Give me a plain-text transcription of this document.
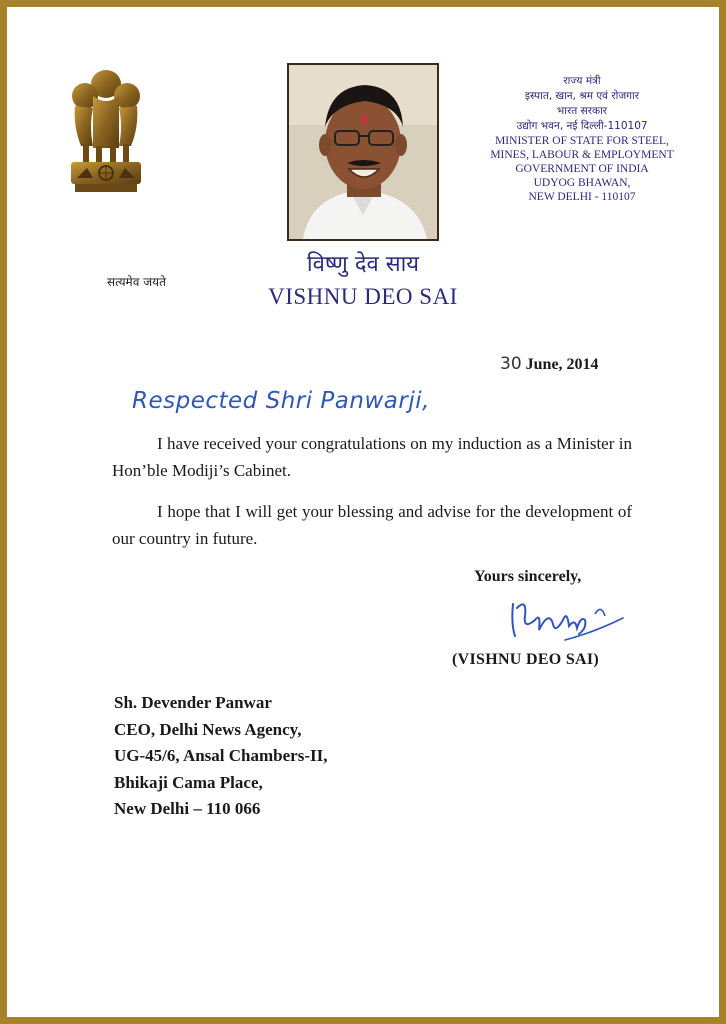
सत्यमेव जयते

राज्य मंत्री

इस्पात, खान, श्रम एवं रोजगार

भारत सरकार

उद्योग भवन, नई दिल्ली-110107

MINISTER OF STATE FOR STEEL,

MINES, LABOUR & EMPLOYMENT

GOVERNMENT OF INDIA

UDYOG BHAWAN,

NEW DELHI - 110107

विष्णु देव साय
VISHNU DEO SAI
30 June, 2014
Respected Shri Panwarji,

I have received your congratulations on my induction as a Minister in Hon’ble Modiji’s Cabinet.

I hope that I will get your blessing and advise for the development of our country in future.

Yours sincerely,
(VISHNU DEO SAI)
Sh. Devender Panwar
CEO, Delhi News Agency,
UG-45/6, Ansal Chambers-II,
Bhikaji Cama Place,
New Delhi – 110 066
